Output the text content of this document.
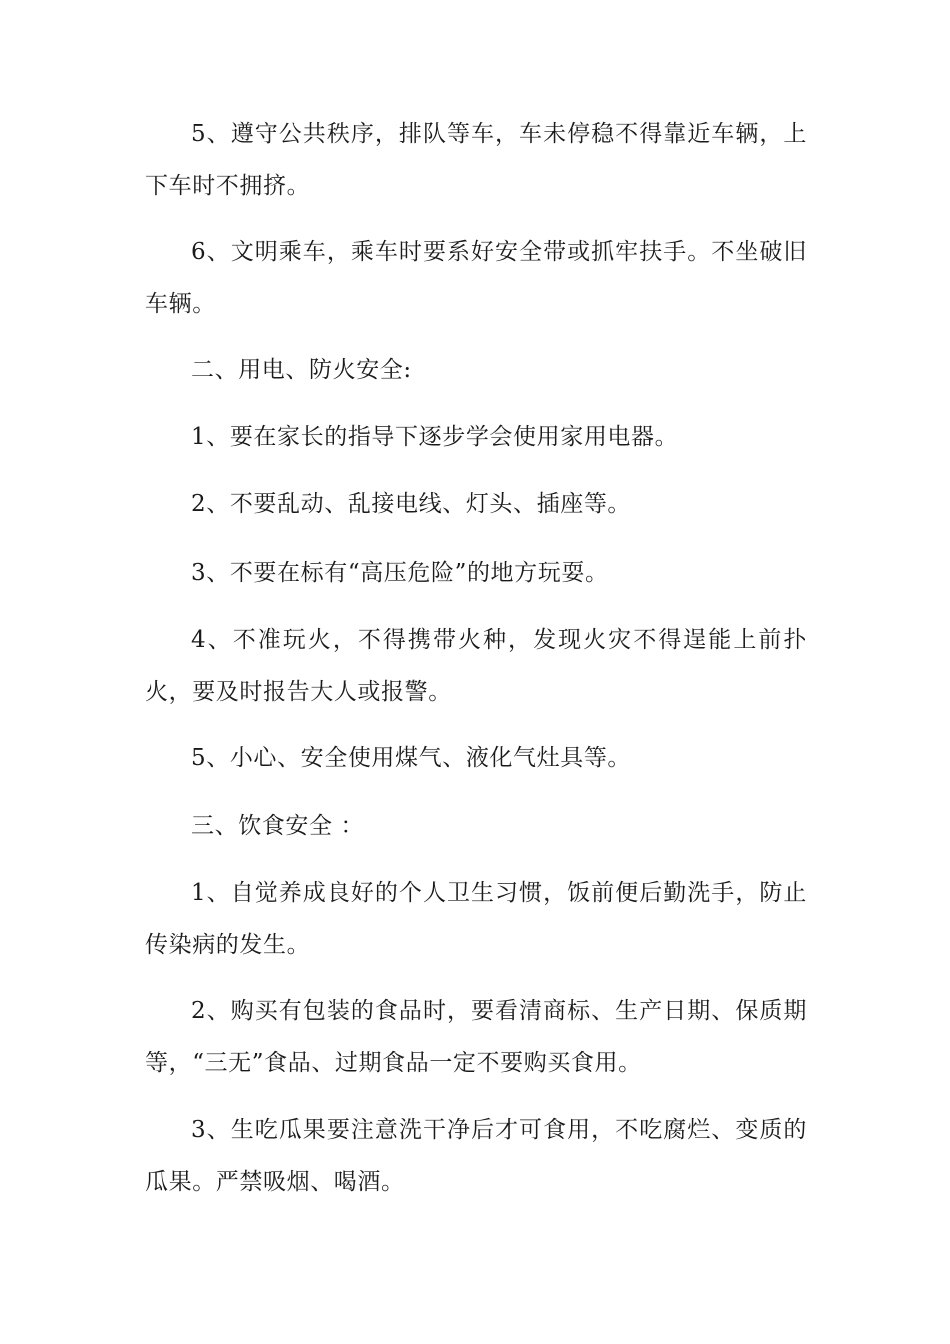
5、遵守公共秩序，排队等车，车未停稳不得靠近车辆，上下车时不拥挤。

6、文明乘车，乘车时要系好安全带或抓牢扶手。不坐破旧车辆。

二、用电、防火安全:

1、要在家长的指导下逐步学会使用家用电器。

2、不要乱动、乱接电线、灯头、插座等。

3、不要在标有“高压危险”的地方玩耍。

4、不准玩火，不得携带火种，发现火灾不得逞能上前扑火，要及时报告大人或报警。

5、小心、安全使用煤气、液化气灶具等。

三、饮食安全 ：

1、自觉养成良好的个人卫生习惯，饭前便后勤洗手，防止传染病的发生。

2、购买有包装的食品时，要看清商标、生产日期、保质期等，“三无”食品、过期食品一定不要购买食用。

3、生吃瓜果要注意洗干净后才可食用，不吃腐烂、变质的瓜果。严禁吸烟、喝酒。
